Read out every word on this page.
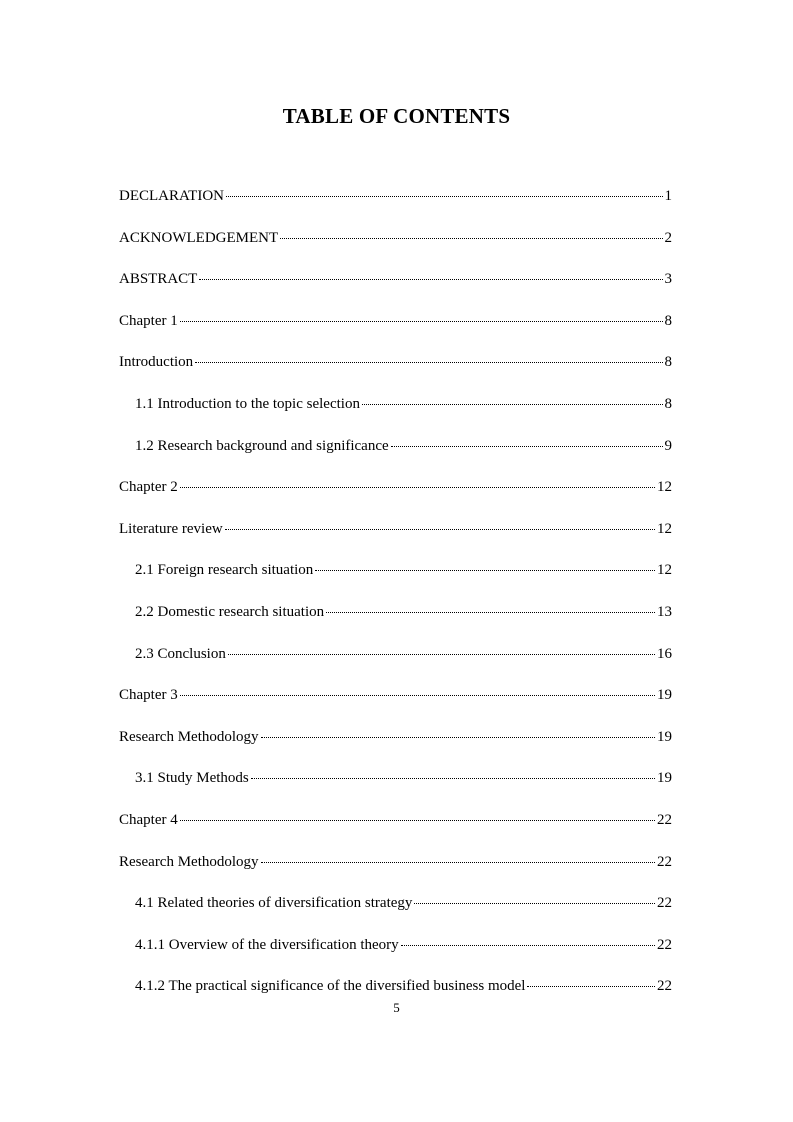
TABLE OF CONTENTS
DECLARATION	1
ACKNOWLEDGEMENT	2
ABSTRACT	3
Chapter 1	8
Introduction	8
1.1 Introduction to the topic selection	8
1.2 Research background and significance	9
Chapter 2	12
Literature review	12
2.1 Foreign research situation	12
2.2 Domestic research situation	13
2.3 Conclusion	16
Chapter 3	19
Research Methodology	19
3.1 Study Methods	19
Chapter 4	22
Research Methodology	22
4.1 Related theories of diversification strategy	22
4.1.1 Overview of the diversification theory	22
4.1.2 The practical significance of the diversified business model	22
5
